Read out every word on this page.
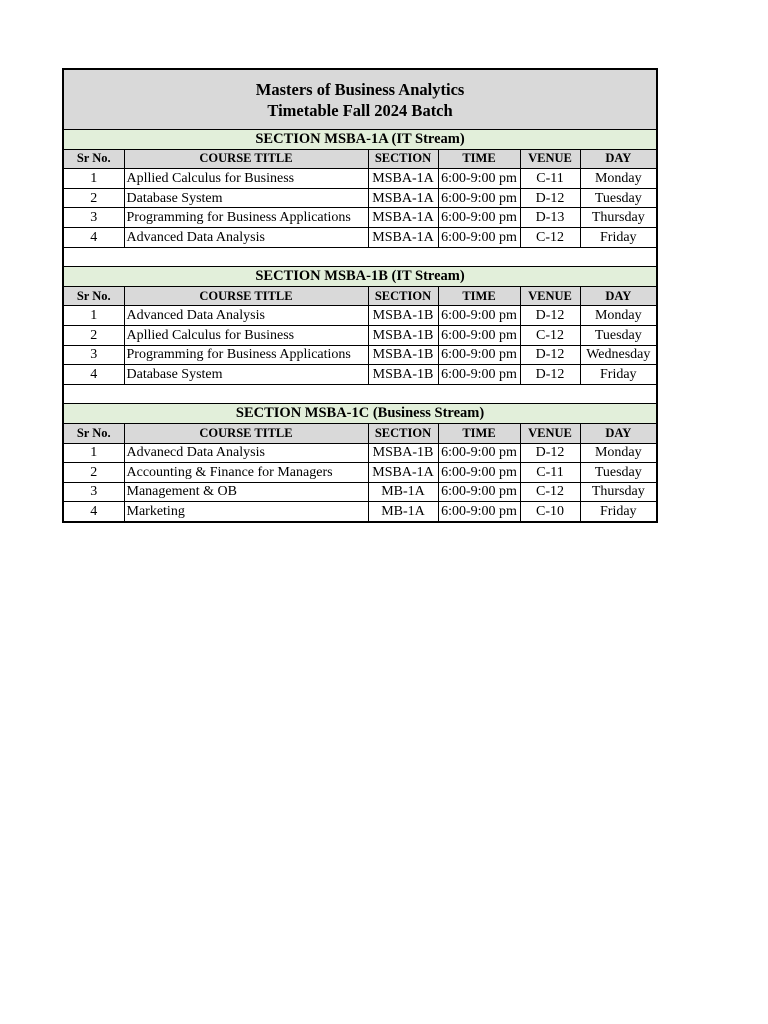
Masters of Business Analytics
Timetable Fall 2024 Batch					

SECTION MSBA-1A (IT Stream)					
Sr No.	COURSE TITLE	SECTION	TIME	VENUE	DAY
1	Apllied Calculus for Business	MSBA-1A	6:00-9:00 pm	C-11	Monday
2	Database System	MSBA-1A	6:00-9:00 pm	D-12	Tuesday
3	Programming for Business Applications	MSBA-1A	6:00-9:00 pm	D-13	Thursday
4	Advanced Data Analysis	MSBA-1A	6:00-9:00 pm	C-12	Friday

SECTION MSBA-1B (IT Stream)					
Sr No.	COURSE TITLE	SECTION	TIME	VENUE	DAY
1	Advanced Data Analysis	MSBA-1B	6:00-9:00 pm	D-12	Monday
2	Apllied Calculus for Business	MSBA-1B	6:00-9:00 pm	C-12	Tuesday
3	Programming for Business Applications	MSBA-1B	6:00-9:00 pm	D-12	Wednesday
4	Database System	MSBA-1B	6:00-9:00 pm	D-12	Friday

SECTION MSBA-1C (Business Stream)					
Sr No.	COURSE TITLE	SECTION	TIME	VENUE	DAY
1	Advanecd Data Analysis	MSBA-1B	6:00-9:00 pm	D-12	Monday
2	Accounting & Finance for Managers	MSBA-1A	6:00-9:00 pm	C-11	Tuesday
3	Management & OB	MB-1A	6:00-9:00 pm	C-12	Thursday
4	Marketing	MB-1A	6:00-9:00 pm	C-10	Friday
